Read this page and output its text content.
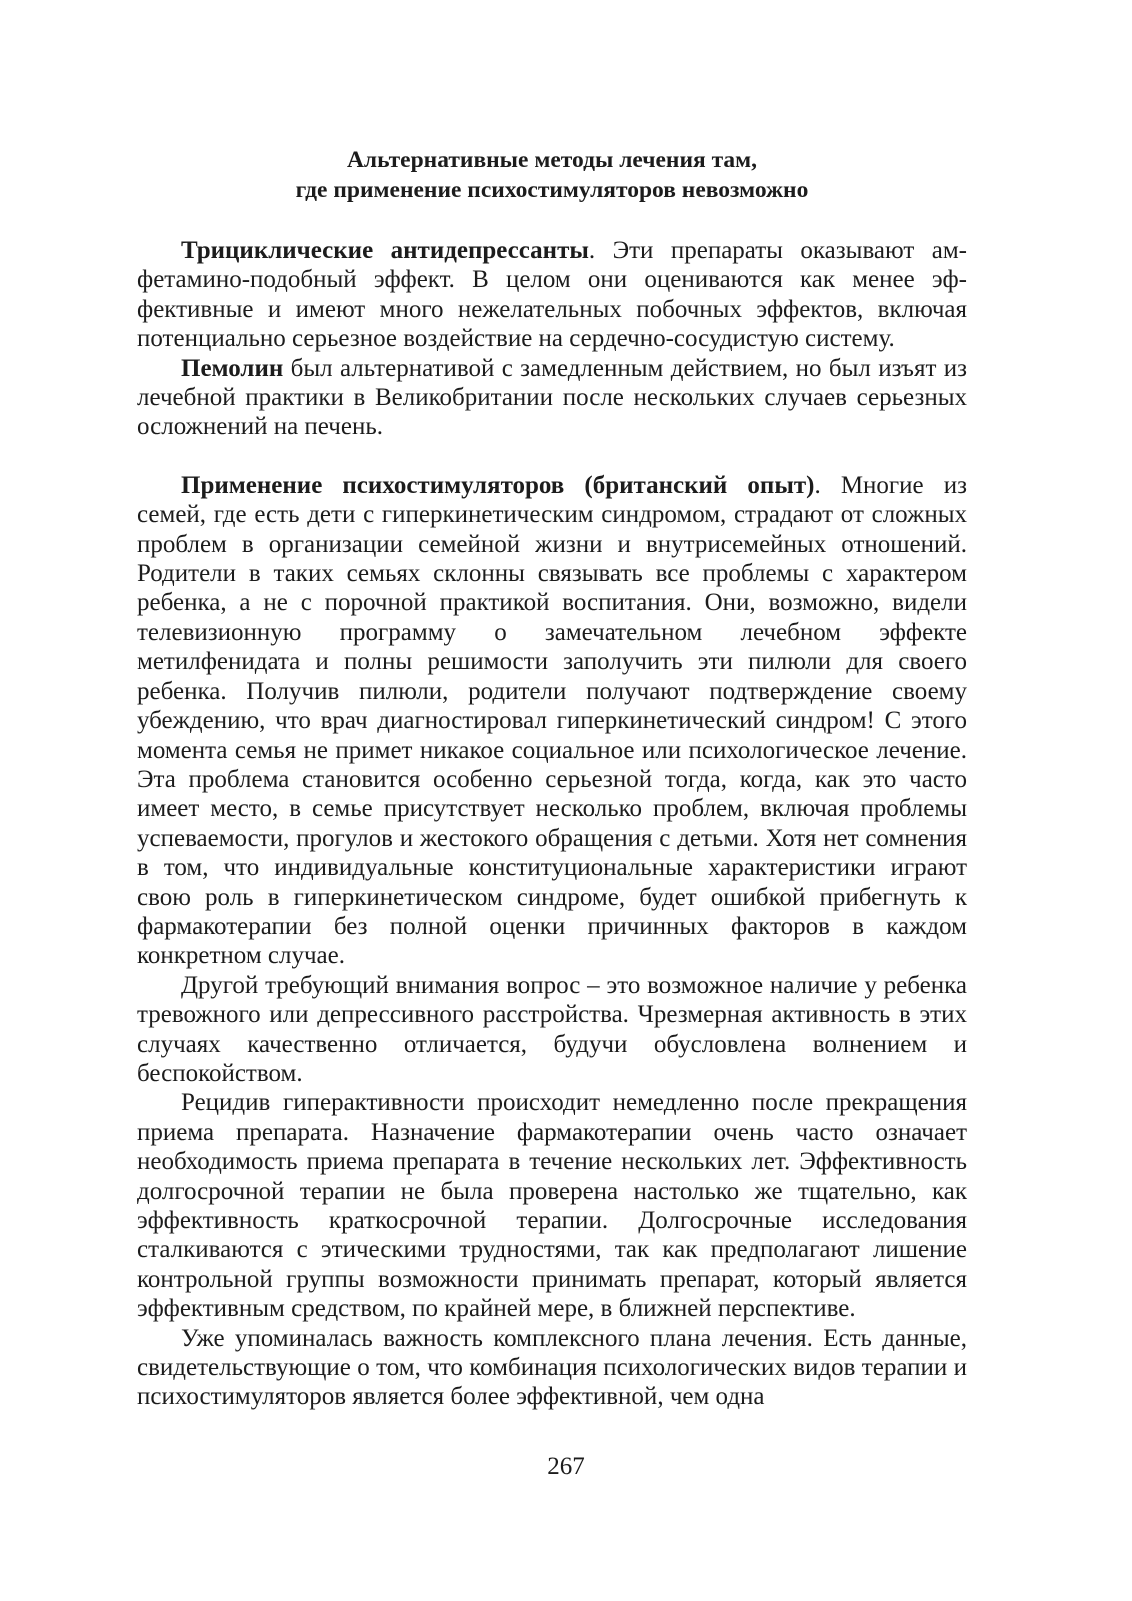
Альтернативные методы лечения там,
где применение психостимуляторов невозможно

Трициклические антидепрессанты. Эти препараты оказывают амфетамино-подобный эффект. В целом они оцениваются как менее эффективные и имеют много нежелательных побочных эффектов, включая потенциально серьезное воздействие на сердечно-сосудистую систему.

Пемолин был альтернативой с замедленным действием, но был изъят из лечебной практики в Великобритании после нескольких случаев серьезных осложнений на печень.

Применение психостимуляторов (британский опыт). Многие из семей, где есть дети с гиперкинетическим синдромом, страдают от сложных проблем в организации семейной жизни и внутрисемейных отношений. Родители в таких семьях склонны связывать все проблемы с характером ребенка, а не с порочной практикой воспитания. Они, возможно, видели телевизионную программу о замечательном лечебном эффекте метилфенидата и полны решимости заполучить эти пилюли для своего ребенка. Получив пилюли, родители получают подтверждение своему убеждению, что врач диагностировал гиперкинетический синдром! С этого момента семья не примет никакое социальное или психологическое лечение. Эта проблема становится особенно серьезной тогда, когда, как это часто имеет место, в семье присутствует несколько проблем, включая проблемы успеваемости, прогулов и жестокого обращения с детьми. Хотя нет сомнения в том, что индивидуальные конституциональные характеристики играют свою роль в гиперкинетическом синдроме, будет ошибкой прибегнуть к фармакотерапии без полной оценки причинных факторов в каждом конкретном случае.

Другой требующий внимания вопрос – это возможное наличие у ребенка тревожного или депрессивного расстройства. Чрезмерная активность в этих случаях качественно отличается, будучи обусловлена волнением и беспокойством.

Рецидив гиперактивности происходит немедленно после прекращения приема препарата. Назначение фармакотерапии очень часто означает необходимость приема препарата в течение нескольких лет. Эффективность долгосрочной терапии не была проверена настолько же тщательно, как эффективность краткосрочной терапии. Долгосрочные исследования сталкиваются с этическими трудностями, так как предполагают лишение контрольной группы возможности принимать препарат, который является эффективным средством, по крайней мере, в ближней перспективе.

Уже упоминалась важность комплексного плана лечения. Есть данные, свидетельствующие о том, что комбинация психологических видов терапии и психостимуляторов является более эффективной, чем одна

267
